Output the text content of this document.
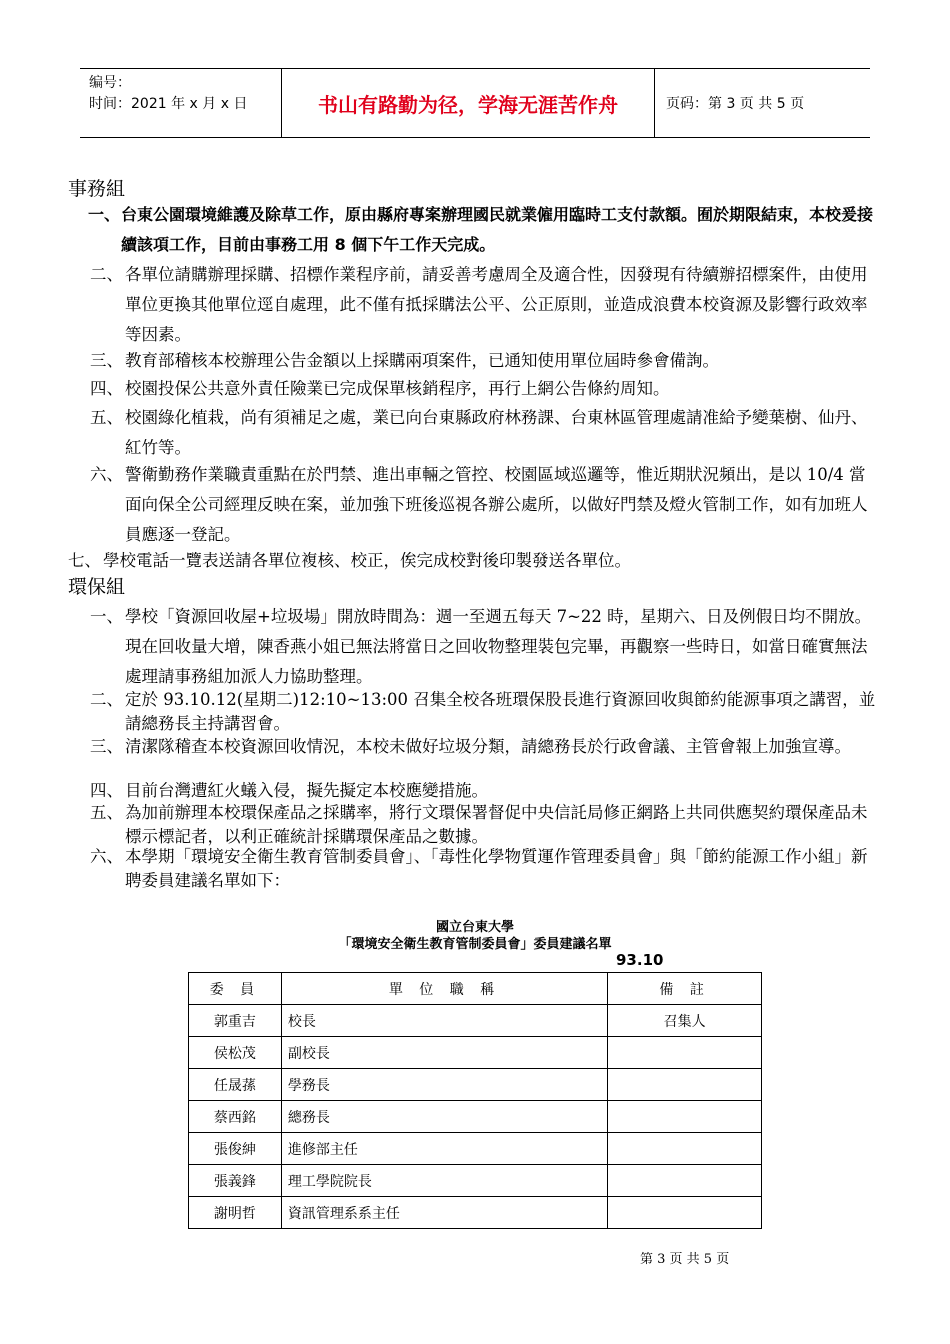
编号：
时间：2021 年 x 月 x 日	书山有路勤为径，学海无涯苦作舟	页码：第 3 页 共 5 页
事務組
一、 台東公園環境維護及除草工作，原由縣府專案辦理國民就業僱用臨時工支付款額。囿於期限結束，本校爰接續該項工作，目前由事務工用 8 個下午工作天完成。
二、 各單位請購辦理採購、招標作業程序前，請妥善考慮周全及適合性，因發現有待續辦招標案件，由使用單位更換其他單位逕自處理，此不僅有抵採購法公平、公正原則，並造成浪費本校資源及影響行政效率等因素。
三、 教育部稽核本校辦理公告金額以上採購兩項案件，已通知使用單位屆時參會備詢。
四、 校園投保公共意外責任險業已完成保單核銷程序，再行上網公告條約周知。
五、 校園綠化植栽，尚有須補足之處，業已向台東縣政府林務課、台東林區管理處請准給予變葉樹、仙丹、紅竹等。
六、 警衛勤務作業職責重點在於門禁、進出車輛之管控、校園區域巡邏等，惟近期狀況頻出，是以 10/4 當面向保全公司經理反映在案，並加強下班後巡視各辦公處所，以做好門禁及燈火管制工作，如有加班人員應逐一登記。
七、 學校電話一覽表送請各單位複核、校正，俟完成校對後印製發送各單位。
環保組
一、 學校「資源回收屋+垃圾場」開放時間為：週一至週五每天 7~22 時，星期六、日及例假日均不開放。現在回收量大增，陳香燕小姐已無法將當日之回收物整理裝包完畢，再觀察一些時日，如當日確實無法處理請事務組加派人力協助整理。
二、 定於 93.10.12(星期二)12:10~13:00 召集全校各班環保股長進行資源回收與節約能源事項之講習，並請總務長主持講習會。
三、 清潔隊稽查本校資源回收情況，本校未做好垃圾分類，請總務長於行政會議、主管會報上加強宣導。
四、 目前台灣遭紅火蟻入侵，擬先擬定本校應變措施。
五、 為加前辦理本校環保產品之採購率，將行文環保署督促中央信託局修正網路上共同供應契約環保產品未標示標記者，以利正確統計採購環保產品之數據。
六、 本學期「環境安全衛生教育管制委員會」、「毒性化學物質運作管理委員會」與「節約能源工作小組」新聘委員建議名單如下：
國立台東大學
「環境安全衛生教育管制委員會」委員建議名單
93.10
委 員	單 位 職 稱	備 註
郭重吉	校長	召集人
侯松茂	副校長	
任晟蓀	學務長	
蔡西銘	總務長	
張俊紳	進修部主任	
張義鋒	理工學院院長	
謝明哲	資訊管理系系主任	
第 3 页 共 5 页
